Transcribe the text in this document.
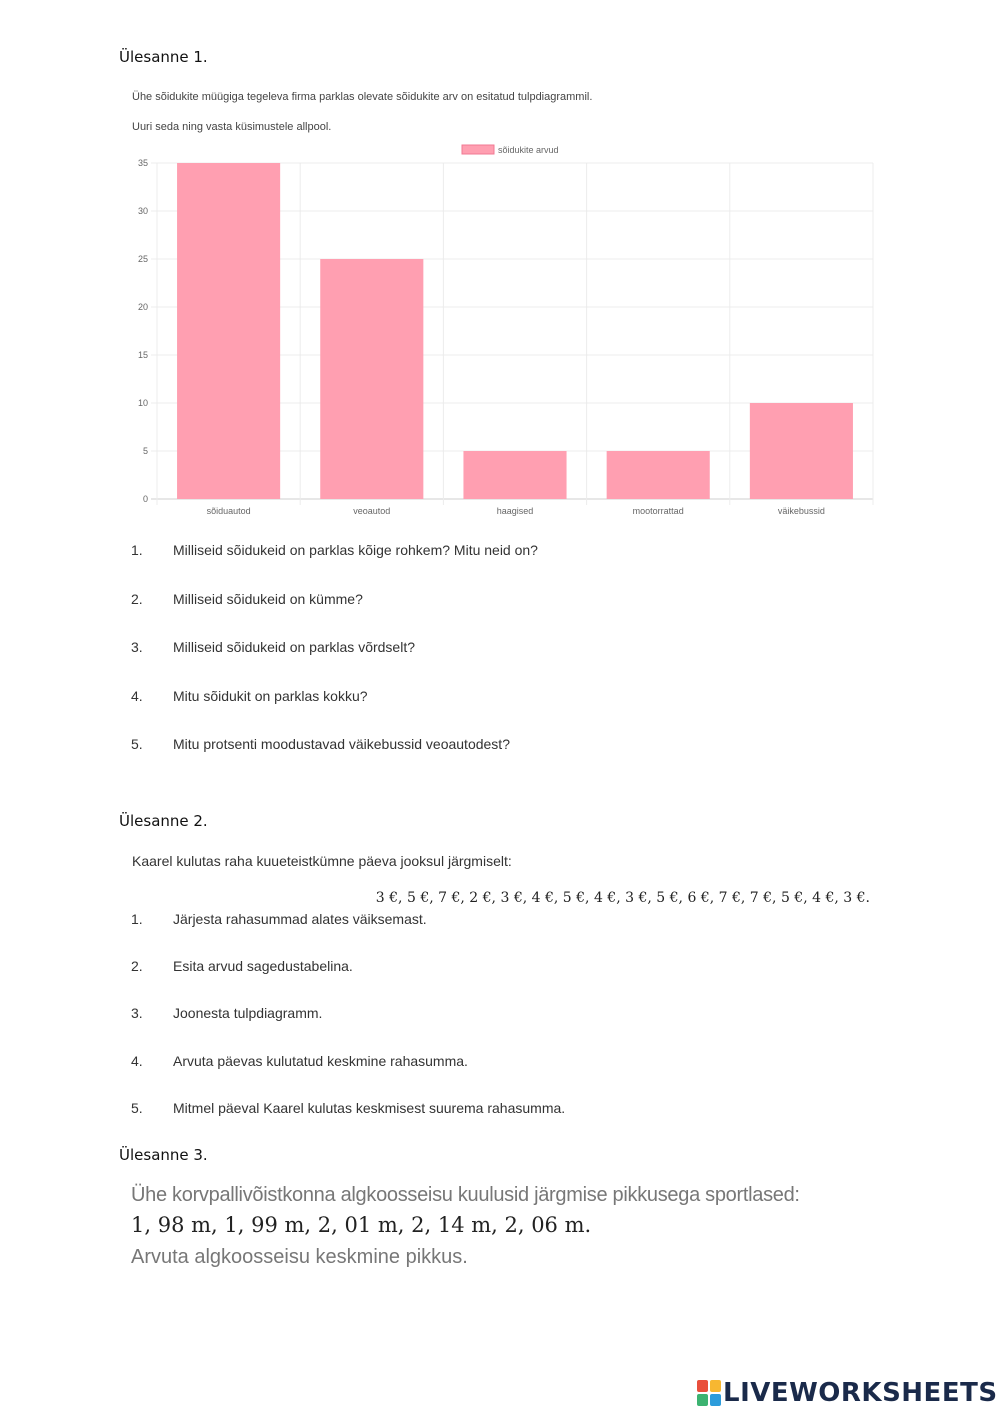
Ülesanne 1.
Ühe sõidukite müügiga tegeleva firma parklas olevate sõidukite arv on esitatud tulpdiagrammil.
Uuri seda ning vasta küsimustele allpool.
0
5
10
15
20
25
30
35
sõiduautod	veoautod	haagised	mootorrattad	väikebussid
sõidukite arvud
1. Milliseid sõidukeid on parklas kõige rohkem? Mitu neid on?
2. Milliseid sõidukeid on kümme?
3. Milliseid sõidukeid on parklas võrdselt?
4. Mitu sõidukit on parklas kokku?
5. Mitu protsenti moodustavad väikebussid veoautodest?
Ülesanne 2.
Kaarel kulutas raha kuueteistkümne päeva jooksul järgmiselt:
3 €, 5 €, 7 €, 2 €, 3 €, 4 €, 5 €, 4 €, 3 €, 5 €, 6 €, 7 €, 7 €, 5 €, 4 €, 3 €.
1. Järjesta rahasummad alates väiksemast.
2. Esita arvud sagedustabelina.
3. Joonesta tulpdiagramm.
4. Arvuta päevas kulutatud keskmine rahasumma.
5. Mitmel päeval Kaarel kulutas keskmisest suurema rahasumma.
Ülesanne 3.
Ühe korvpallivõistkonna algkoosseisu kuulusid järgmise pikkusega sportlased:
1, 98 m, 1, 99 m, 2, 01 m, 2, 14 m, 2, 06 m.
Arvuta algkoosseisu keskmine pikkus.
LIVEWORKSHEETS
